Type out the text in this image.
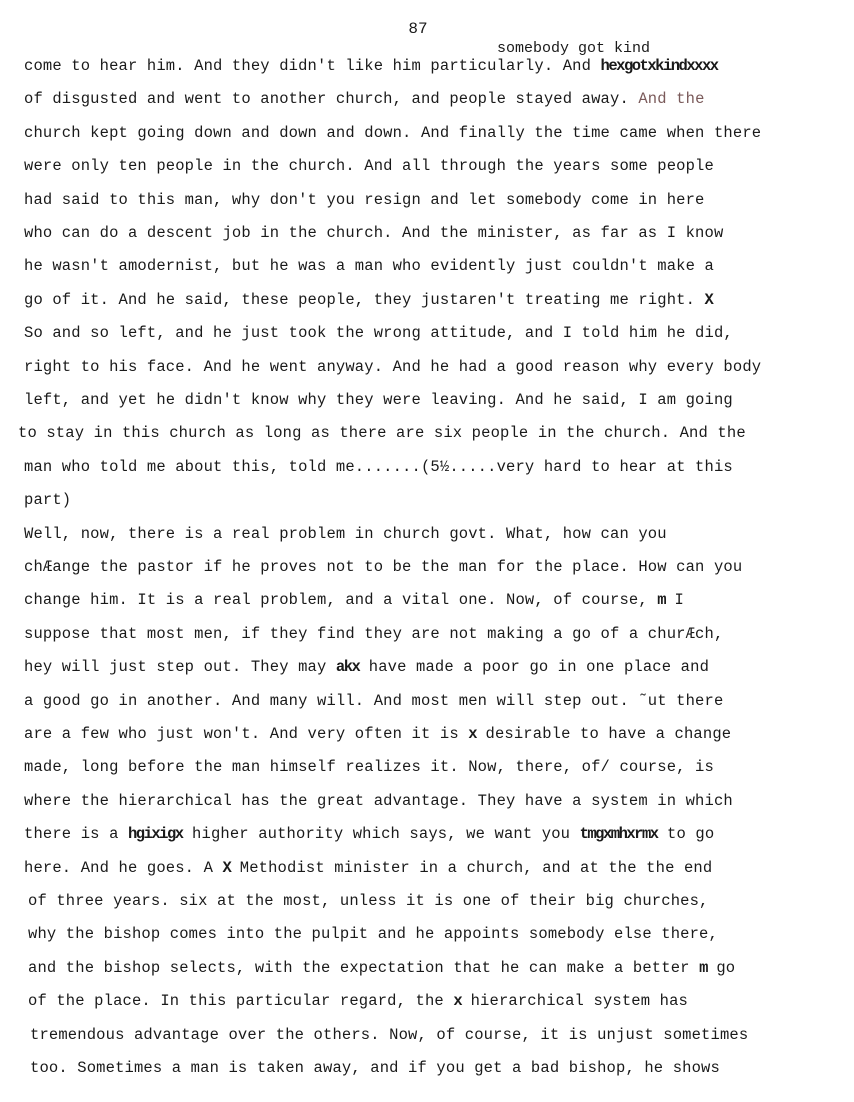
87
somebody got kind
come to hear him. And they didn't like him particularly. And hexgotxkindxxxx
of disgusted and went to another church, and people stayed away. And the
church kept going down and down and down. And finally the time came when there
were only ten people in the church. And all through the years some people
had said to this man, why don't you resign and let somebody come in here
who can do a descent job in the church. And the minister, as far as I know
he wasn't amodernist, but he was a man who evidently just couldn't make a
go of it. And he said, these people, they justaren't treating me right. X
So and so left, and he just took the wrong attitude, and I told him he did,
right to his face. And he went anyway. And he had a good reason why every body
left, and yet he didn't know why they were leaving. And he said, I am going
to stay in this church as long as there are six people in the church. And the
man who told me about this, told me.......(5½.....very hard to hear at this
part)
Well, now, there is a real problem in church govt. What, how can you
chÆange the pastor if he proves not to be the man for the place. How can you
change him. It is a real problem, and a vital one. Now, of course, m I
suppose that most men, if they find they are not making a go of a churÆch,
hey will just step out. They may akx have made a poor go in one place and
a good go in another. And many will. And most men will step out. ˜ut there
are a few who just won't. And very often it is x desirable to have a change
made, long before the man himself realizes it. Now, there, of/ course, is
where the hierarchical has the great advantage. They have a system in which
there is a hgixigx higher authority which says, we want you tmgxmhxrmx to go
here. And he goes. A X Methodist minister in a church, and at the the end
of three years. six at the most, unless it is one of their big churches,
why the bishop comes into the pulpit and he appoints somebody else there,
and the bishop selects, with the expectation that he can make a better m go
of the place. In this particular regard, the x hierarchical system has
tremendous advantage over the others. Now, of course, it is unjust sometimes
too. Sometimes a man is taken away, and if you get a bad bishop, he shows
